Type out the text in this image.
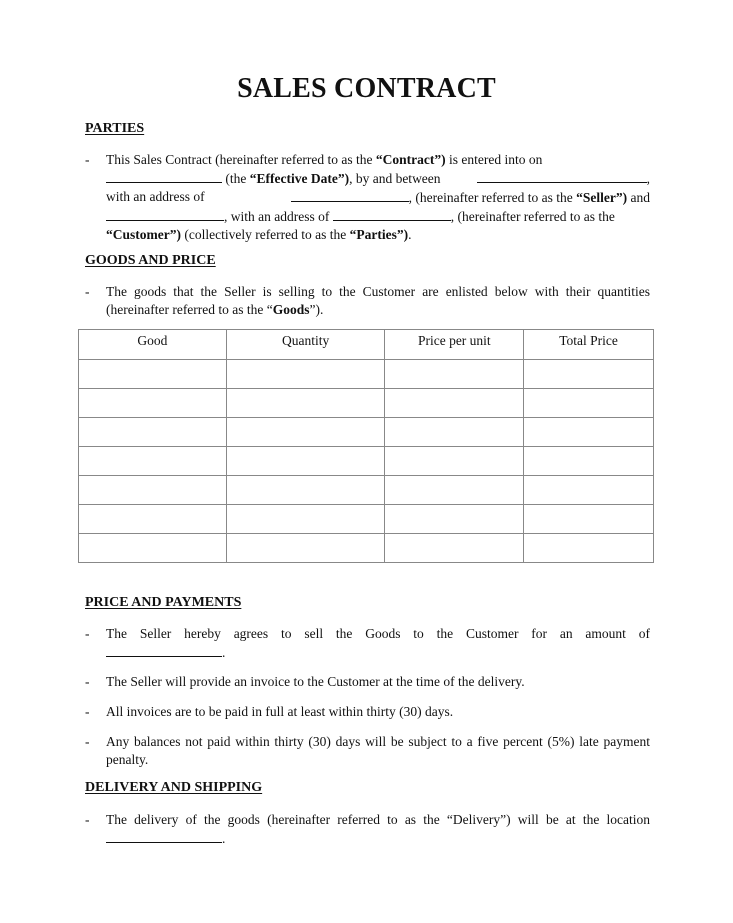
SALES CONTRACT
PARTIES
- This Sales Contract (hereinafter referred to as the “Contract”) is entered into on
(the “Effective Date”), by and between	,
with an address of	, (hereinafter referred to as the “Seller”) and
, with an address of	, (hereinafter referred to as the
“Customer”) (collectively referred to as the “Parties”).
GOODS AND PRICE
- The goods that the Seller is selling to the Customer are enlisted below with their quantities (hereinafter referred to as the “Goods”).
Good	Quantity	Price per unit	Total Price

PRICE AND PAYMENTS
- The Seller hereby agrees to sell the Goods to the Customer for an amount of
.
- The Seller will provide an invoice to the Customer at the time of the delivery.
- All invoices are to be paid in full at least within thirty (30) days.
- Any balances not paid within thirty (30) days will be subject to a five percent (5%) late payment penalty.
DELIVERY AND SHIPPING
- The delivery of the goods (hereinafter referred to as the “Delivery”) will be at the location
.
